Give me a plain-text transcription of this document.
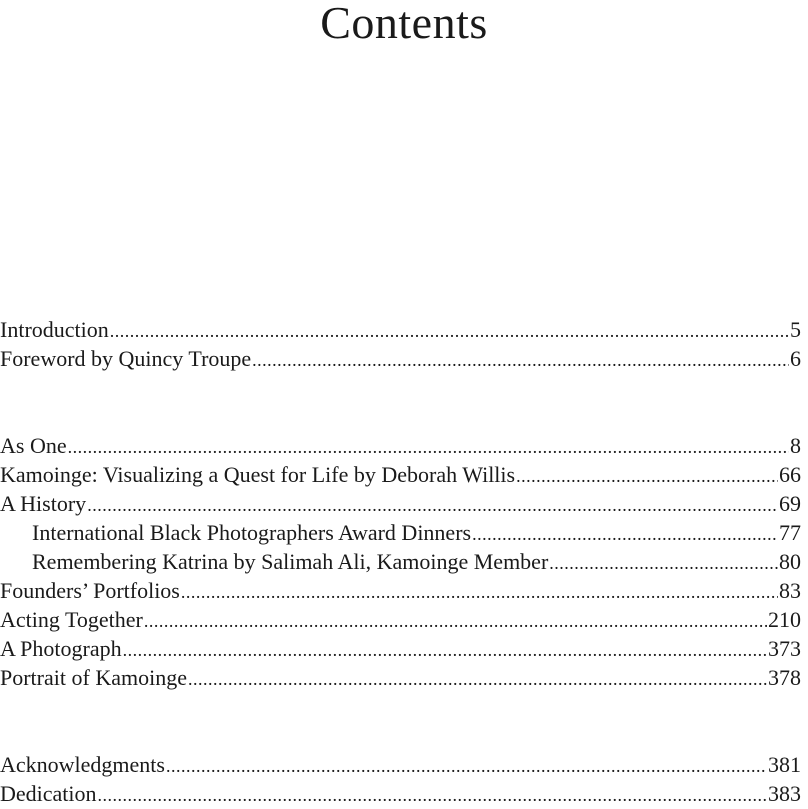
Contents
Introduction .....	5
Foreword by Quincy Troupe .....	6
As One .....	8
Kamoinge: Visualizing a Quest for Life by Deborah Willis .....	66
A History .....	69
International Black Photographers Award Dinners .....	77
Remembering Katrina by Salimah Ali, Kamoinge Member .....	80
Founders’ Portfolios .....	83
Acting Together .....	210
A Photograph .....	373
Portrait of Kamoinge .....	378
Acknowledgments .....	381
Dedication .....	383
